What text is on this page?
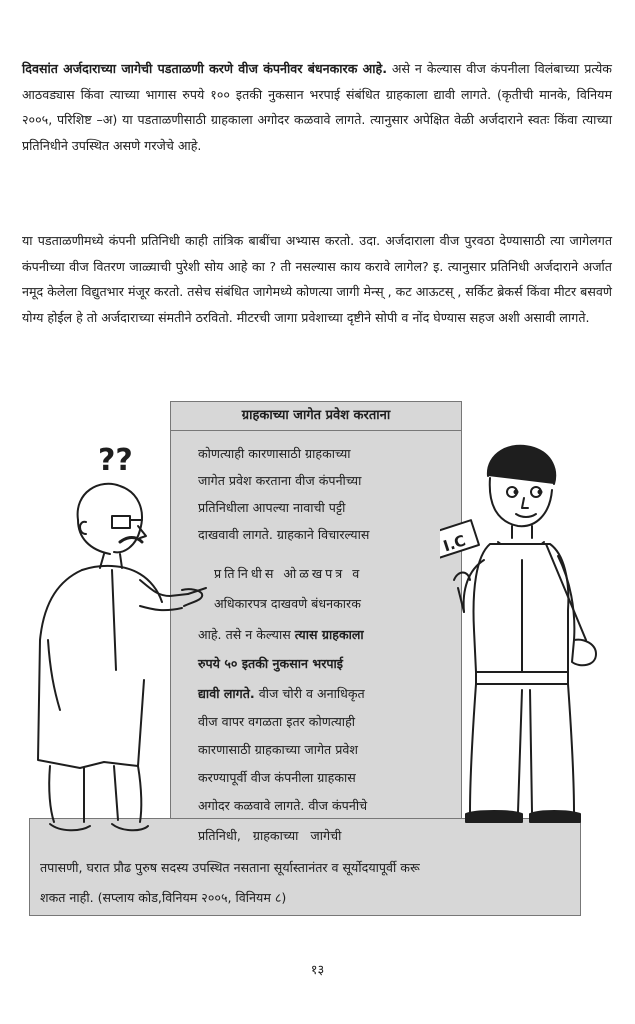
दिवसांत अर्जदाराच्या जागेची पडताळणी करणे वीज कंपनीवर बंधनकारक आहे. असे न केल्यास वीज कंपनीला विलंबाच्या प्रत्येक आठवड्यास किंवा त्याच्या भागास रुपये १०० इतकी नुकसान भरपाई संबंधित ग्राहकाला द्यावी लागते. (कृतीची मानके, विनियम २००५, परिशिष्ट –अ) या पडताळणीसाठी ग्राहकाला अगोदर कळवावे लागते. त्यानुसार अपेक्षित वेळी अर्जदाराने स्वतः किंवा त्याच्या प्रतिनिधीने उपस्थित असणे गरजेचे आहे.

या पडताळणीमध्ये कंपनी प्रतिनिधी काही तांत्रिक बाबींचा अभ्यास करतो. उदा. अर्जदाराला वीज पुरवठा देण्यासाठी त्या जागेलगत कंपनीच्या वीज वितरण जाळ्याची पुरेशी सोय आहे का ? ती नसल्यास काय करावे लागेल? इ. त्यानुसार प्रतिनिधी अर्जदाराने अर्जात नमूद केलेला विद्युतभार मंजूर करतो. तसेच संबंधित जागेमध्ये कोणत्या जागी मेन्स् , कट आऊटस् , सर्किट ब्रेकर्स किंवा मीटर बसवणे योग्य होईल हे तो अर्जदाराच्या संमतीने ठरवितो. मीटरची जागा प्रवेशाच्या दृष्टीने सोपी व नोंद घेण्यास सहज अशी असावी लागते.

ग्राहकाच्या जागेत प्रवेश करताना
कोणत्याही कारणासाठी ग्राहकाच्या
जागेत प्रवेश करताना वीज कंपनीच्या
प्रतिनिधीला आपल्या नावाची पट्टी
दाखवावी लागते. ग्राहकाने विचारल्यास
प्रतिनिधीस ओळखपत्र व
अधिकारपत्र दाखवणे बंधनकारक
आहे. तसे न केल्यास त्यास ग्राहकाला
रुपये ५० इतकी नुकसान भरपाई
द्यावी लागते. वीज चोरी व अनाधिकृत
वीज वापर वगळता इतर कोणत्याही
कारणासाठी ग्राहकाच्या जागेत प्रवेश
करण्यापूर्वी वीज कंपनीला ग्राहकास
अगोदर कळवावे लागते. वीज कंपनीचे
प्रतिनिधी, ग्राहकाच्या जागेची
तपासणी, घरात प्रौढ पुरुष सदस्य उपस्थित नसताना सूर्यास्तानंतर व सूर्योदयापूर्वी करू
शकत नाही. (सप्लाय कोड,विनियम २००५, विनियम ८)
??
I.C
१३
